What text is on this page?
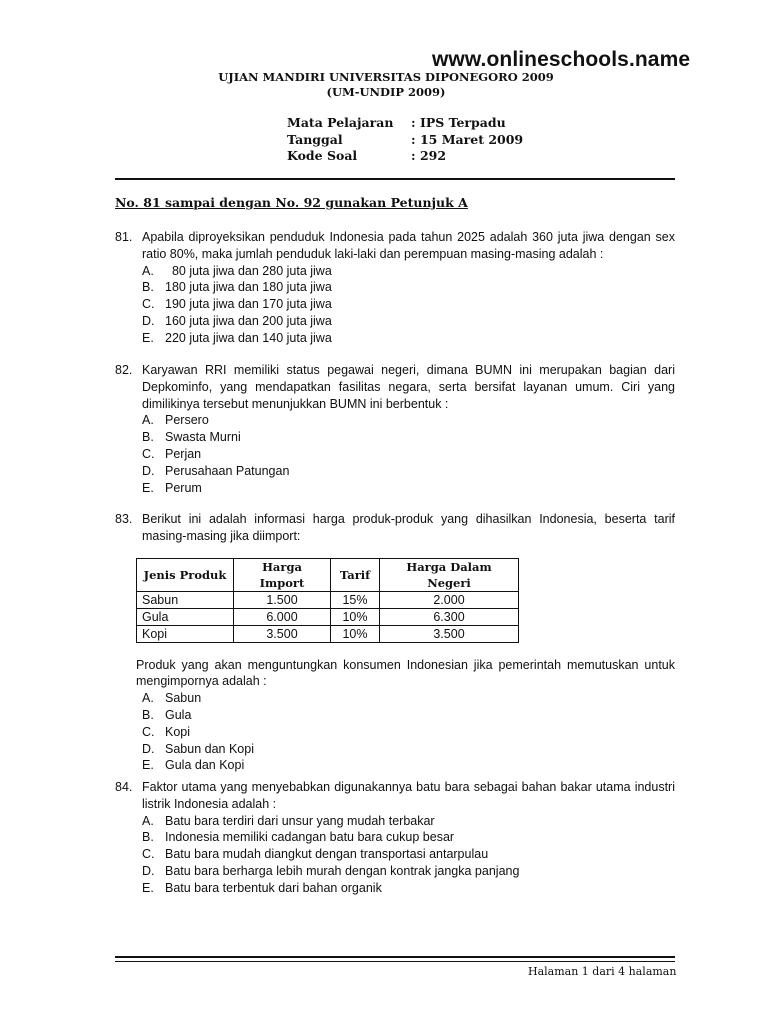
www.onlineschools.name
UJIAN MANDIRI UNIVERSITAS DIPONEGORO 2009
(UM-UNDIP 2009)
Mata Pelajaran : IPS Terpadu
Tanggal	: 15 Maret 2009
Kode Soal	: 292
No. 81 sampai dengan No. 92 gunakan Petunjuk A
81. Apabila diproyeksikan penduduk Indonesia pada tahun 2025 adalah 360 juta jiwa dengan sex ratio 80%, maka jumlah penduduk laki-laki dan perempuan masing-masing adalah :
A. 80 juta jiwa dan 280 juta jiwa
B. 180 juta jiwa dan 180 juta jiwa
C. 190 juta jiwa dan 170 juta jiwa
D. 160 juta jiwa dan 200 juta jiwa
E. 220 juta jiwa dan 140 juta jiwa
82. Karyawan RRI memiliki status pegawai negeri, dimana BUMN ini merupakan bagian dari Depkominfo, yang mendapatkan fasilitas negara, serta bersifat layanan umum. Ciri yang dimilikinya tersebut menunjukkan BUMN ini berbentuk :
A. Persero
B. Swasta Murni
C. Perjan
D. Perusahaan Patungan
E. Perum
83. Berikut ini adalah informasi harga produk-produk yang dihasilkan Indonesia, beserta tarif masing-masing jika diimport:
Jenis Produk	Harga Import	Tarif	Harga Dalam Negeri
Sabun	1.500	15%	2.000
Gula	6.000	10%	6.300
Kopi	3.500	10%	3.500
Produk yang akan menguntungkan konsumen Indonesian jika pemerintah memutuskan untuk mengimpornya adalah :
A. Sabun
B. Gula
C. Kopi
D. Sabun dan Kopi
E. Gula dan Kopi
84. Faktor utama yang menyebabkan digunakannya batu bara sebagai bahan bakar utama industri listrik Indonesia adalah :
A. Batu bara terdiri dari unsur yang mudah terbakar
B. Indonesia memiliki cadangan batu bara cukup besar
C. Batu bara mudah diangkut dengan transportasi antarpulau
D. Batu bara berharga lebih murah dengan kontrak jangka panjang
E. Batu bara terbentuk dari bahan organik
Halaman 1 dari 4 halaman
